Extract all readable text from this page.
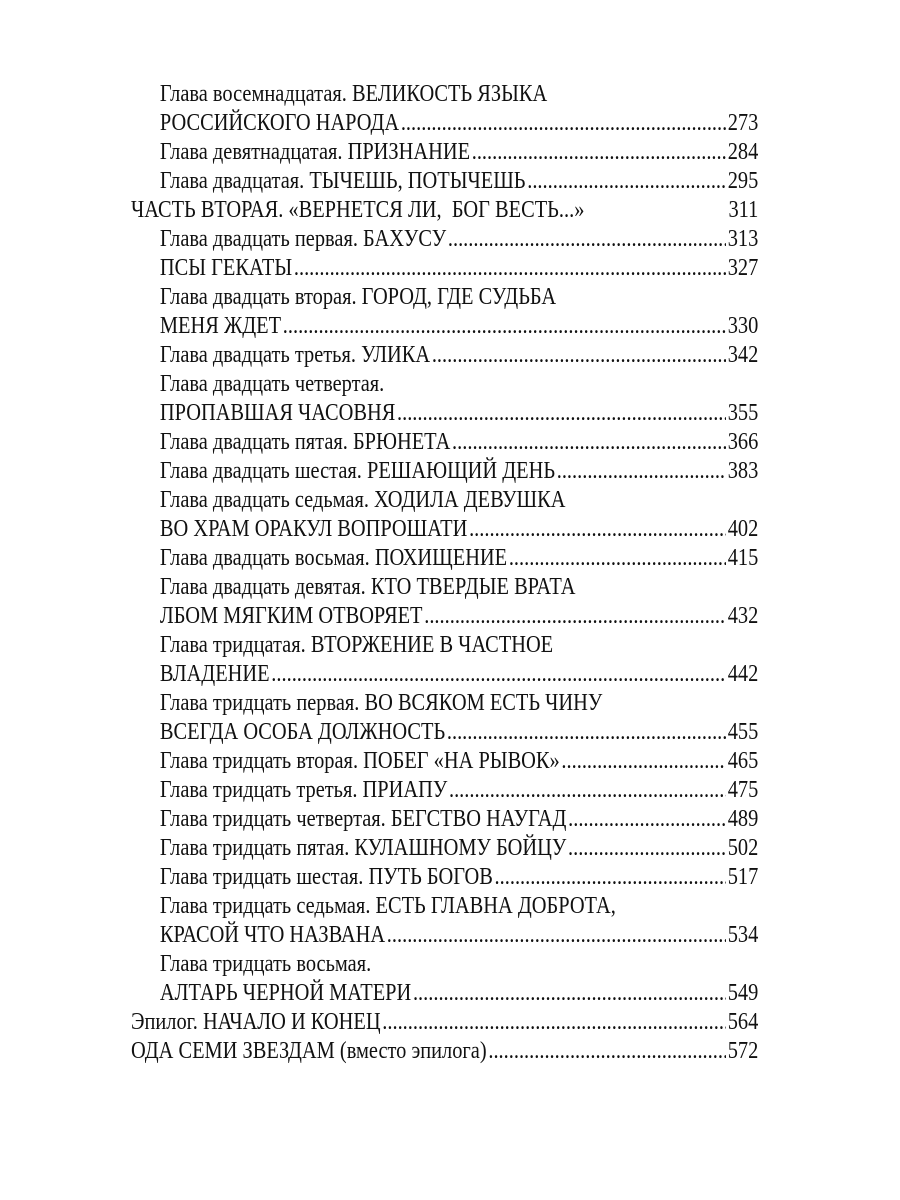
Глава восемнадцатая. ВЕЛИКОСТЬ ЯЗЫКА
РОССИЙСКОГО НАРОДА . . .	273
Глава девятнадцатая. ПРИЗНАНИЕ . . .	284
Глава двадцатая. ТЫЧЕШЬ, ПОТЫЧЕШЬ . . .	295
ЧАСТЬ ВТОРАЯ. «ВЕРНЕТСЯ ЛИ,  БОГ ВЕСТЬ...»	311
Глава двадцать первая. БАХУСУ . . .	313
ПСЫ ГЕКАТЫ . . .	327
Глава двадцать вторая. ГОРОД, ГДЕ СУДЬБА
МЕНЯ ЖДЕТ . . .	330
Глава двадцать третья. УЛИКА . . .	342
Глава двадцать четвертая.
ПРОПАВШАЯ ЧАСОВНЯ . . .	355
Глава двадцать пятая. БРЮНЕТА . . .	366
Глава двадцать шестая. РЕШАЮЩИЙ ДЕНЬ . . .	383
Глава двадцать седьмая. ХОДИЛА ДЕВУШКА
ВО ХРАМ ОРАКУЛ ВОПРОШАТИ . . .	402
Глава двадцать восьмая. ПОХИЩЕНИЕ . . .	415
Глава двадцать девятая. КТО ТВЕРДЫЕ ВРАТА
ЛБОМ МЯГКИМ ОТВОРЯЕТ . . .	432
Глава тридцатая. ВТОРЖЕНИЕ В ЧАСТНОЕ
ВЛАДЕНИЕ . . .	442
Глава тридцать первая. ВО ВСЯКОМ ЕСТЬ ЧИНУ
ВСЕГДА ОСОБА ДОЛЖНОСТЬ . . .	455
Глава тридцать вторая. ПОБЕГ «НА РЫВОК» . . .	465
Глава тридцать третья. ПРИАПУ . . .	475
Глава тридцать четвертая. БЕГСТВО НАУГАД . . .	489
Глава тридцать пятая. КУЛАШНОМУ БОЙЦУ . . .	502
Глава тридцать шестая. ПУТЬ БОГОВ . . .	517
Глава тридцать седьмая. ЕСТЬ ГЛАВНА ДОБРОТА,
КРАСОЙ ЧТО НАЗВАНА . . .	534
Глава тридцать восьмая.
АЛТАРЬ ЧЕРНОЙ МАТЕРИ . . .	549
Эпилог. НАЧАЛО И КОНЕЦ . . .	564
ОДА СЕМИ ЗВЕЗДАМ (вместо эпилога) . . .	572
